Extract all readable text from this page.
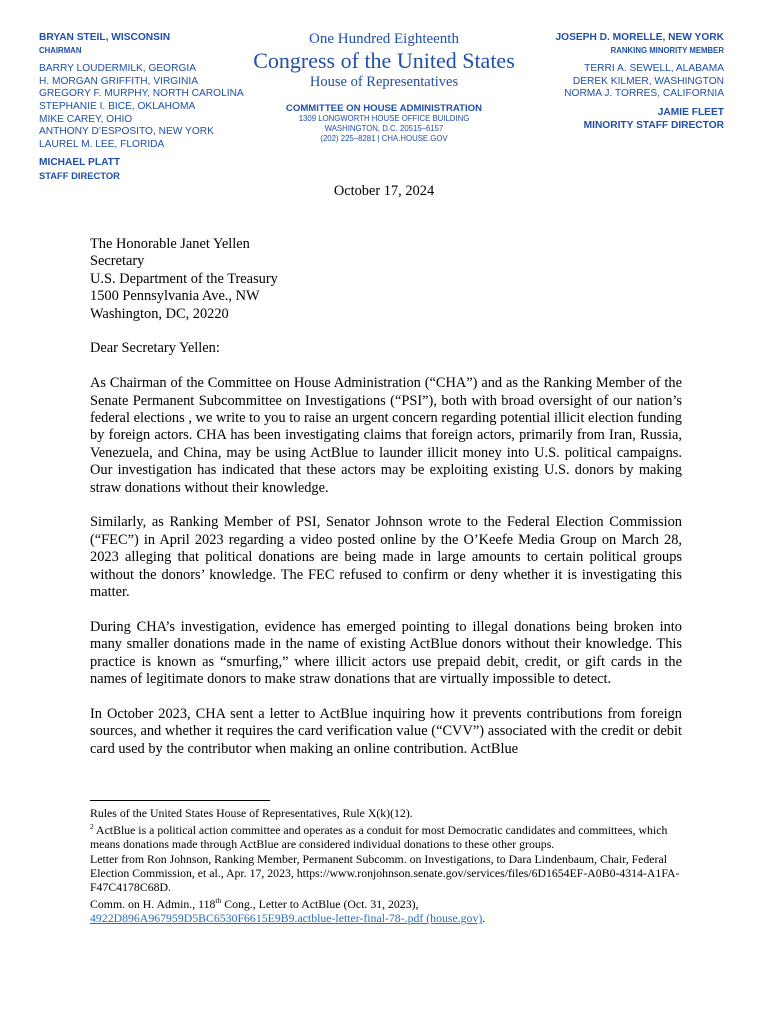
BRYAN STEIL, WISCONSIN
CHAIRMAN
BARRY LOUDERMILK, GEORGIA
H. MORGAN GRIFFITH, VIRGINIA
GREGORY F. MURPHY, NORTH CAROLINA
STEPHANIE I. BICE, OKLAHOMA
MIKE CAREY, OHIO
ANTHONY D’ESPOSITO, NEW YORK
LAUREL M. LEE, FLORIDA
MICHAEL PLATT
STAFF DIRECTOR
One Hundred Eighteenth
Congress of the United States
House of Representatives
COMMITTEE ON HOUSE ADMINISTRATION
1309 LONGWORTH HOUSE OFFICE BUILDING
WASHINGTON, D.C. 20515–6157
(202) 225–8281 | CHA.HOUSE.GOV
JOSEPH D. MORELLE, NEW YORK
RANKING MINORITY MEMBER
TERRI A. SEWELL, ALABAMA
DEREK KILMER, WASHINGTON
NORMA J. TORRES, CALIFORNIA
JAMIE FLEET
MINORITY STAFF DIRECTOR
October 17, 2024
The Honorable Janet Yellen
Secretary
U.S. Department of the Treasury
1500 Pennsylvania Ave., NW
Washington, DC, 20220
Dear Secretary Yellen:
As Chairman of the Committee on House Administration (“CHA”) and as the Ranking Member of the Senate Permanent Subcommittee on Investigations (“PSI”), both with broad oversight of our nation’s federal elections , we write to you to raise an urgent concern regarding potential illicit election funding by foreign actors. CHA has been investigating claims that foreign actors, primarily from Iran, Russia, Venezuela, and China, may be using ActBlue to launder illicit money into U.S. political campaigns. Our investigation has indicated that these actors may be exploiting existing U.S. donors by making straw donations without their knowledge.
Similarly, as Ranking Member of PSI, Senator Johnson wrote to the Federal Election Commission (“FEC”) in April 2023 regarding a video posted online by the O’Keefe Media Group on March 28, 2023 alleging that political donations are being made in large amounts to certain political groups without the donors’ knowledge. The FEC refused to confirm or deny whether it is investigating this matter.
During CHA’s investigation, evidence has emerged pointing to illegal donations being broken into many smaller donations made in the name of existing ActBlue donors without their knowledge. This practice is known as “smurfing,” where illicit actors use prepaid debit, credit, or gift cards in the names of legitimate donors to make straw donations that are virtually impossible to detect.
In October 2023, CHA sent a letter to ActBlue inquiring how it prevents contributions from foreign sources, and whether it requires the card verification value (“CVV”) associated with the credit or debit card used by the contributor when making an online contribution. ActBlue
Rules of the United States House of Representatives, Rule X(k)(12).
$^2$ ActBlue is a political action committee and operates as a conduit for most Democratic candidates and committees, which means donations made through ActBlue are considered individual donations to these other groups.
Letter from Ron Johnson, Ranking Member, Permanent Subcomm. on Investigations, to Dara Lindenbaum, Chair, Federal Election Commission, et al., Apr. 17, 2023, https://www.ronjohnson.senate.gov/services/files/6D1654EF-A0B0-4314-A1FA-F47C4178C68D.
Comm. on H. Admin., 118th Cong., Letter to ActBlue (Oct. 31, 2023),
4922D896A967959D5BC6530F6615E9B9.actblue-letter-final-78-.pdf (house.gov).
